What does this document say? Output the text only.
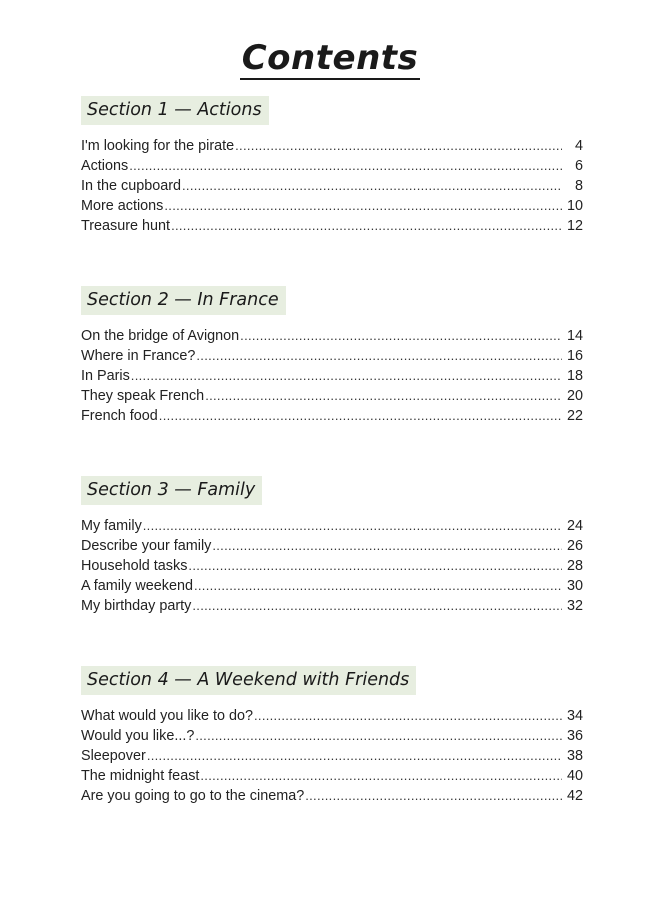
Contents
Section 1 — Actions
I'm looking for the pirate .....	4
Actions .....	6
In the cupboard .....	8
More actions .....	10
Treasure hunt .....	12
Section 2 — In France
On the bridge of Avignon .....	14
Where in France? .....	16
In Paris .....	18
They speak French .....	20
French food .....	22
Section 3 — Family
My family .....	24
Describe your family .....	26
Household tasks .....	28
A family weekend .....	30
My birthday party .....	32
Section 4 — A Weekend with Friends
What would you like to do? .....	34
Would you like...? .....	36
Sleepover .....	38
The midnight feast .....	40
Are you going to go to the cinema? .....	42
